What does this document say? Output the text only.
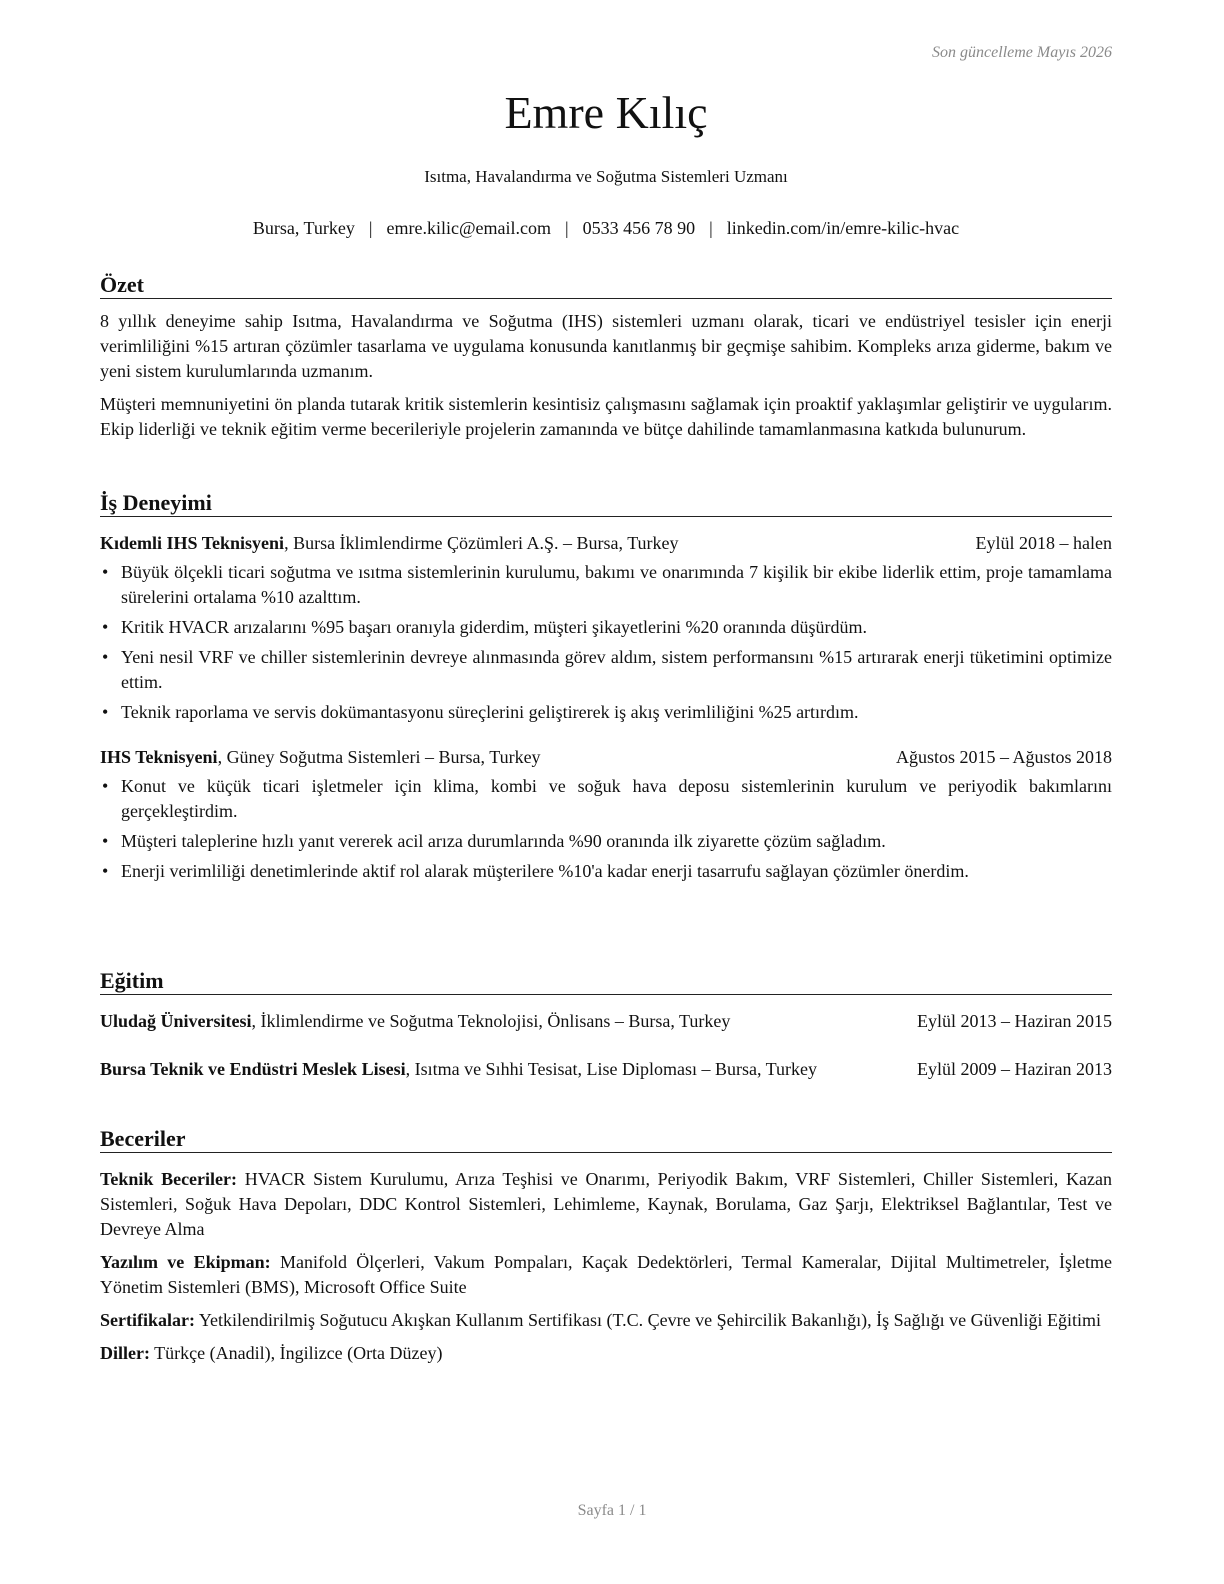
Son güncelleme Mayıs 2026
Emre Kılıç
Isıtma, Havalandırma ve Soğutma Sistemleri Uzmanı
Bursa, Turkey | emre.kilic@email.com | 0533 456 78 90 | linkedin.com/in/emre-kilic-hvac
Özet

8 yıllık deneyime sahip Isıtma, Havalandırma ve Soğutma (IHS) sistemleri uzmanı olarak, ticari ve endüstriyel tesisler için enerji verimliliğini %15 artıran çözümler tasarlama ve uygulama konusunda kanıtlanmış bir geçmişe sahibim. Kompleks arıza giderme, bakım ve yeni sistem kurulumlarında uzmanım.

Müşteri memnuniyetini ön planda tutarak kritik sistemlerin kesintisiz çalışmasını sağlamak için proaktif yaklaşımlar geliştirir ve uygularım. Ekip liderliği ve teknik eğitim verme becerileriyle projelerin zamanında ve bütçe dahilinde tamamlanmasına katkıda bulunurum.

İş Deneyimi
Kıdemli IHS Teknisyeni, Bursa İklimlendirme Çözümleri A.Ş. – Bursa, Turkey	Eylül 2018 – halen
• Büyük ölçekli ticari soğutma ve ısıtma sistemlerinin kurulumu, bakımı ve onarımında 7 kişilik bir ekibe liderlik ettim, proje tamamlama sürelerini ortalama %10 azalttım.
• Kritik HVACR arızalarını %95 başarı oranıyla giderdim, müşteri şikayetlerini %20 oranında düşürdüm.
• Yeni nesil VRF ve chiller sistemlerinin devreye alınmasında görev aldım, sistem performansını %15 artırarak enerji tüketimini optimize ettim.
• Teknik raporlama ve servis dokümantasyonu süreçlerini geliştirerek iş akış verimliliğini %25 artırdım.
IHS Teknisyeni, Güney Soğutma Sistemleri – Bursa, Turkey	Ağustos 2015 – Ağustos 2018
• Konut ve küçük ticari işletmeler için klima, kombi ve soğuk hava deposu sistemlerinin kurulum ve periyodik bakımlarını gerçekleştirdim.
• Müşteri taleplerine hızlı yanıt vererek acil arıza durumlarında %90 oranında ilk ziyarette çözüm sağladım.
• Enerji verimliliği denetimlerinde aktif rol alarak müşterilere %10'a kadar enerji tasarrufu sağlayan çözümler önerdim.
Eğitim
Uludağ Üniversitesi, İklimlendirme ve Soğutma Teknolojisi, Önlisans – Bursa, Turkey	Eylül 2013 – Haziran 2015
Bursa Teknik ve Endüstri Meslek Lisesi, Isıtma ve Sıhhi Tesisat, Lise Diploması – Bursa, Turkey	Eylül 2009 – Haziran 2013
Beceriler
Teknik Beceriler: HVACR Sistem Kurulumu, Arıza Teşhisi ve Onarımı, Periyodik Bakım, VRF Sistemleri, Chiller Sistemleri, Kazan Sistemleri, Soğuk Hava Depoları, DDC Kontrol Sistemleri, Lehimleme, Kaynak, Borulama, Gaz Şarjı, Elektriksel Bağlantılar, Test ve Devreye Alma
Yazılım ve Ekipman: Manifold Ölçerleri, Vakum Pompaları, Kaçak Dedektörleri, Termal Kameralar, Dijital Multimetreler, İşletme Yönetim Sistemleri (BMS), Microsoft Office Suite
Sertifikalar: Yetkilendirilmiş Soğutucu Akışkan Kullanım Sertifikası (T.C. Çevre ve Şehircilik Bakanlığı), İş Sağlığı ve Güvenliği Eğitimi
Diller: Türkçe (Anadil), İngilizce (Orta Düzey)
Sayfa 1 / 1
